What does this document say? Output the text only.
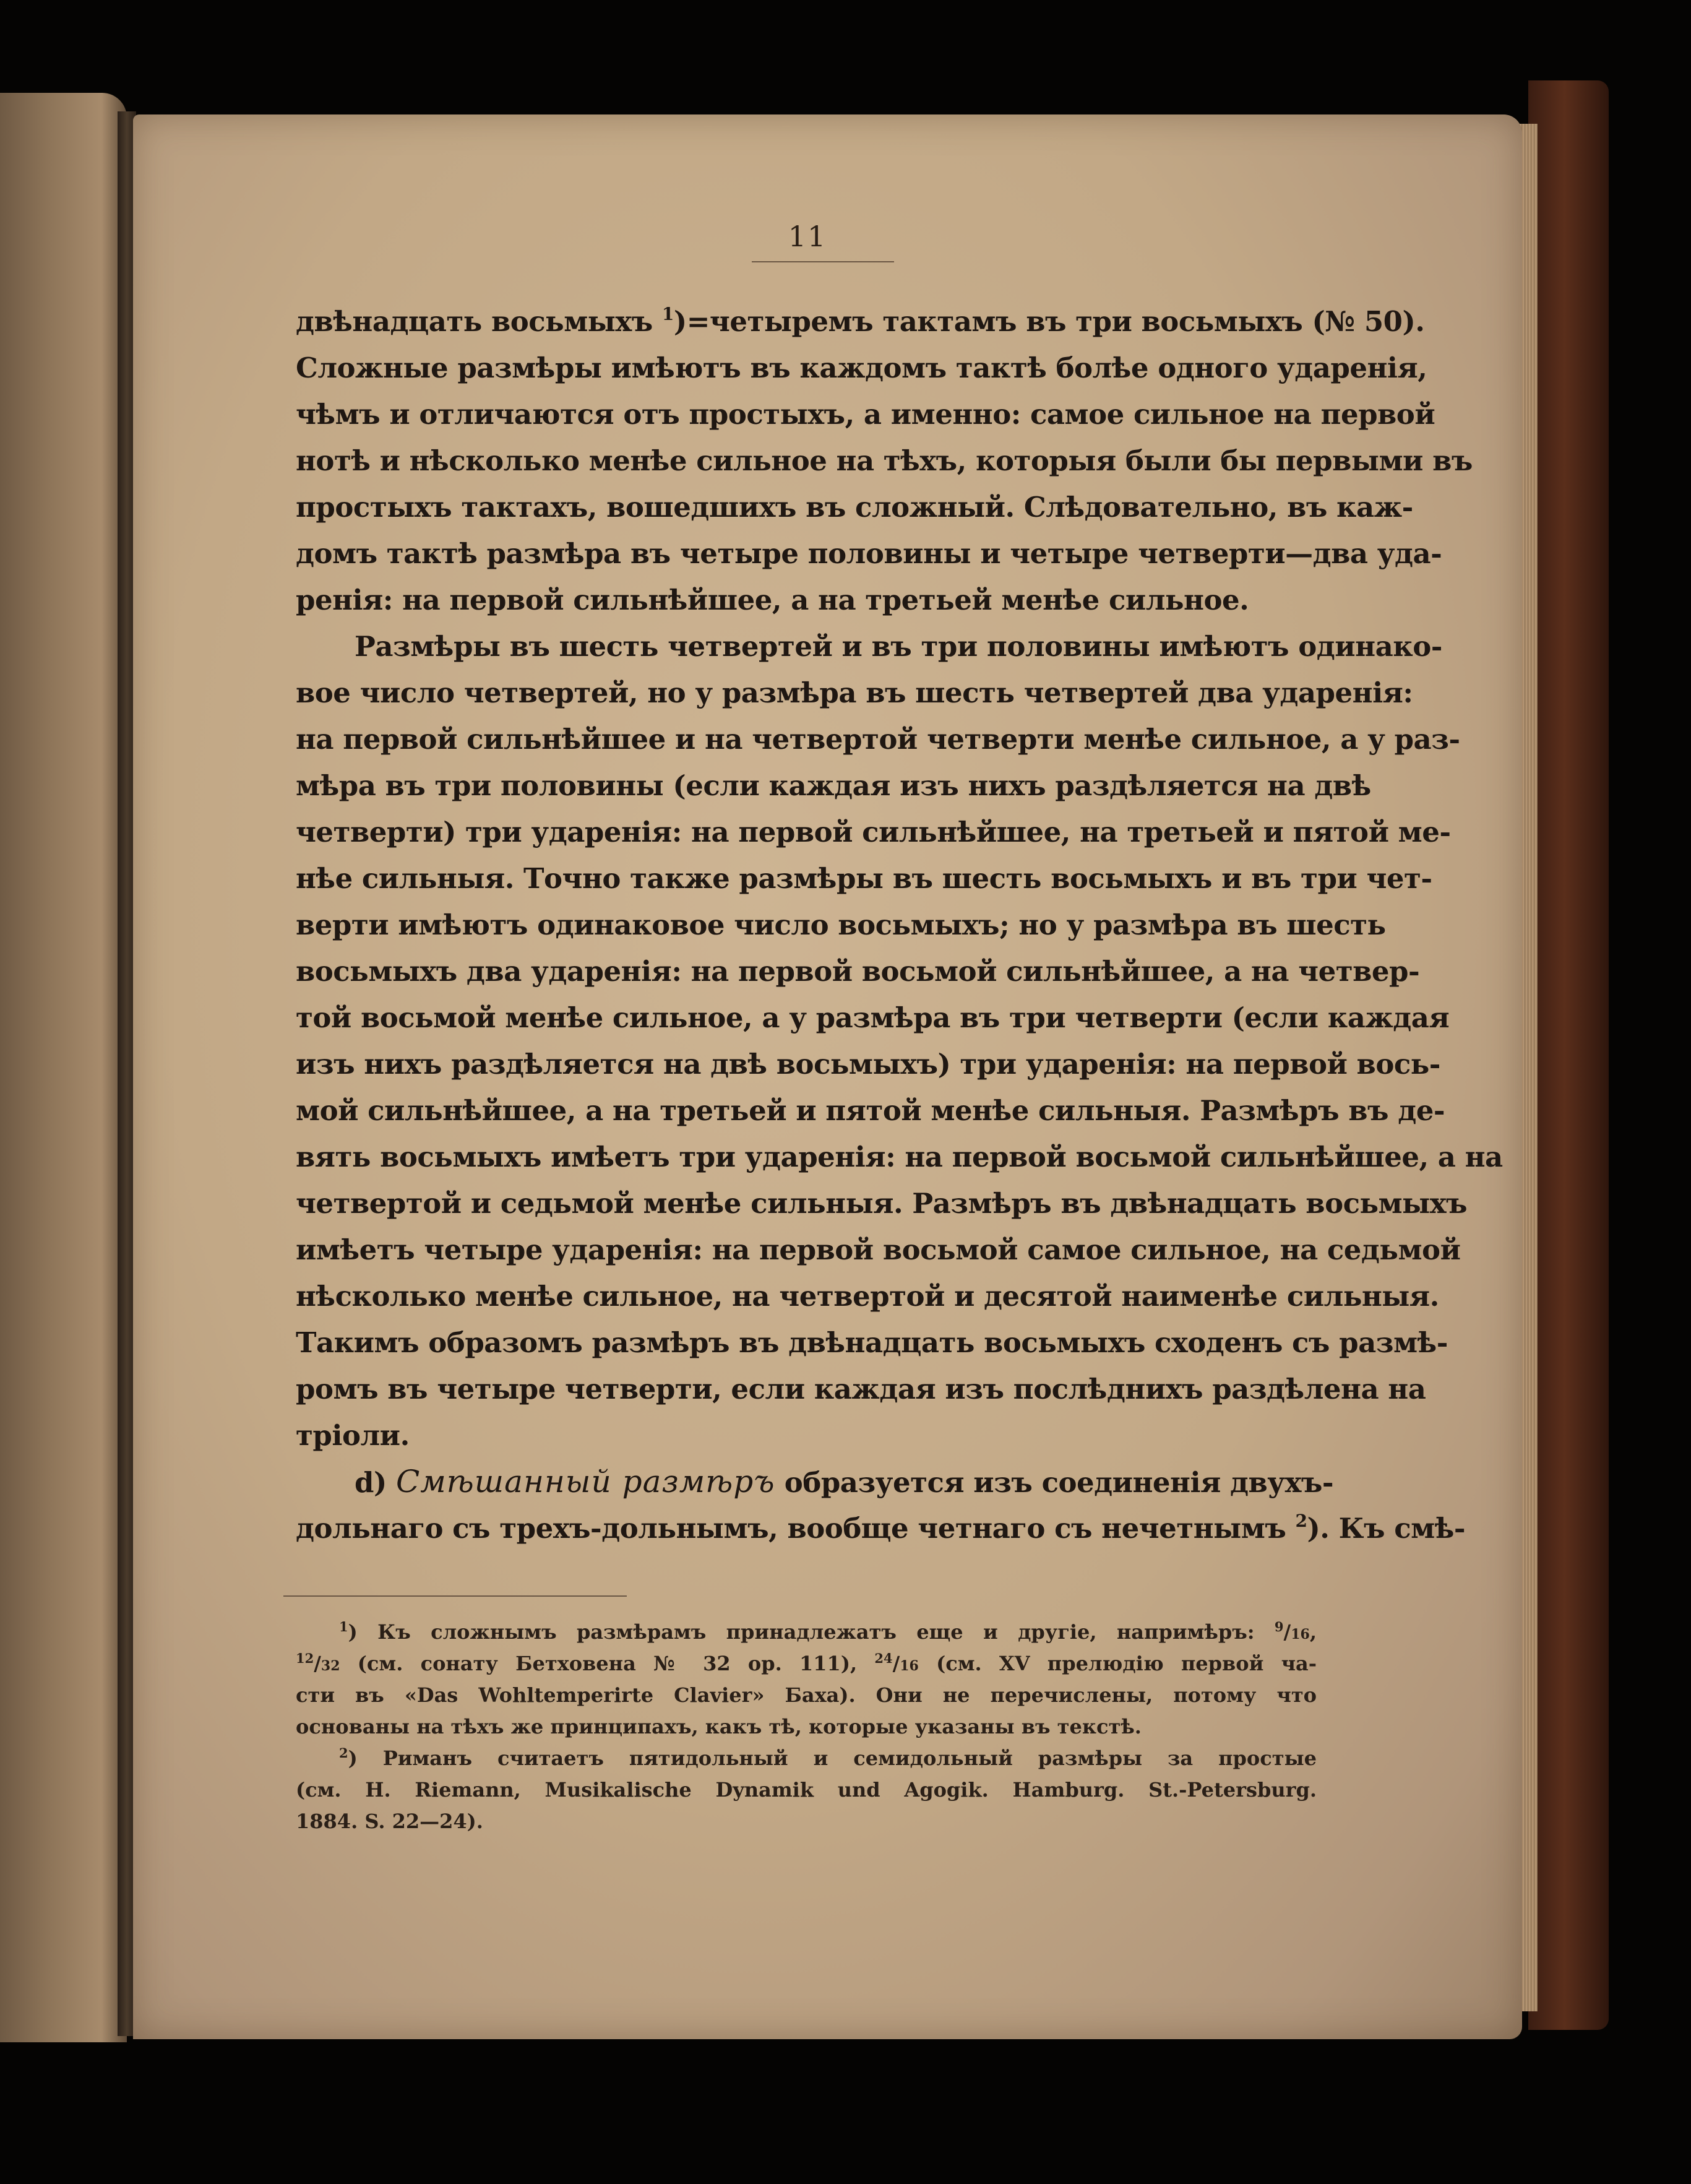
11
двѣнадцать восьмыхъ $^1$)=четыремъ тактамъ въ три восьмыхъ (№ 50).
Сложные размѣры имѣютъ въ каждомъ тактѣ болѣе одного ударенія,
чѣмъ и отличаются отъ простыхъ, а именно: самое сильное на первой
нотѣ и нѣсколько менѣе сильное на тѣхъ, которыя были бы первыми въ
простыхъ тактахъ, вошедшихъ въ сложный. Слѣдовательно, въ каж-
домъ тактѣ размѣра въ четыре половины и четыре четверти—два уда-
ренія: на первой сильнѣйшее, а на третьей менѣе сильное.
Размѣры въ шесть четвертей и въ три половины имѣютъ одинако-
вое число четвертей, но у размѣра въ шесть четвертей два ударенія:
на первой сильнѣйшее и на четвертой четверти менѣе сильное, а у раз-
мѣра въ три половины (если каждая изъ нихъ раздѣляется на двѣ
четверти) три ударенія: на первой сильнѣйшее, на третьей и пятой ме-
нѣе сильныя. Точно также размѣры въ шесть восьмыхъ и въ три чет-
верти имѣютъ одинаковое число восьмыхъ; но у размѣра въ шесть
восьмыхъ два ударенія: на первой восьмой сильнѣйшее, а на четвер-
той восьмой менѣе сильное, а у размѣра въ три четверти (если каждая
изъ нихъ раздѣляется на двѣ восьмыхъ) три ударенія: на первой вось-
мой сильнѣйшее, а на третьей и пятой менѣе сильныя. Размѣръ въ де-
вять восьмыхъ имѣетъ три ударенія: на первой восьмой сильнѣйшее, а на
четвертой и седьмой менѣе сильныя. Размѣръ въ двѣнадцать восьмыхъ
имѣетъ четыре ударенія: на первой восьмой самое сильное, на седьмой
нѣсколько менѣе сильное, на четвертой и десятой наименѣе сильныя.
Такимъ образомъ размѣръ въ двѣнадцать восьмыхъ сходенъ съ размѣ-
ромъ въ четыре четверти, если каждая изъ послѣднихъ раздѣлена на
тріоли.
d) Смѣшанный размѣръ образуется изъ соединенія двухъ-
дольнаго съ трехъ-дольнымъ, вообще четнаго съ нечетнымъ $^2$). Къ смѣ-
$^1$) Къ сложнымъ размѣрамъ принадлежатъ еще и другіе, напримѣръ: $^9$/16,
$^{12}$/32 (см. сонату Бетховена № 32 ор. 111), $^{24}$/16 (см. XV прелюдію первой ча-
сти въ «Das Wohltemperirte Clavier» Баха). Они не перечислены, потому что
основаны на тѣхъ же принципахъ, какъ тѣ, которые указаны въ текстѣ.
$^2$) Риманъ считаетъ пятидольный и семидольный размѣры за простые
(см. H. Riemann, Musikalische Dynamik und Agogik. Hamburg. St.-Petersburg.
1884. S. 22—24).
